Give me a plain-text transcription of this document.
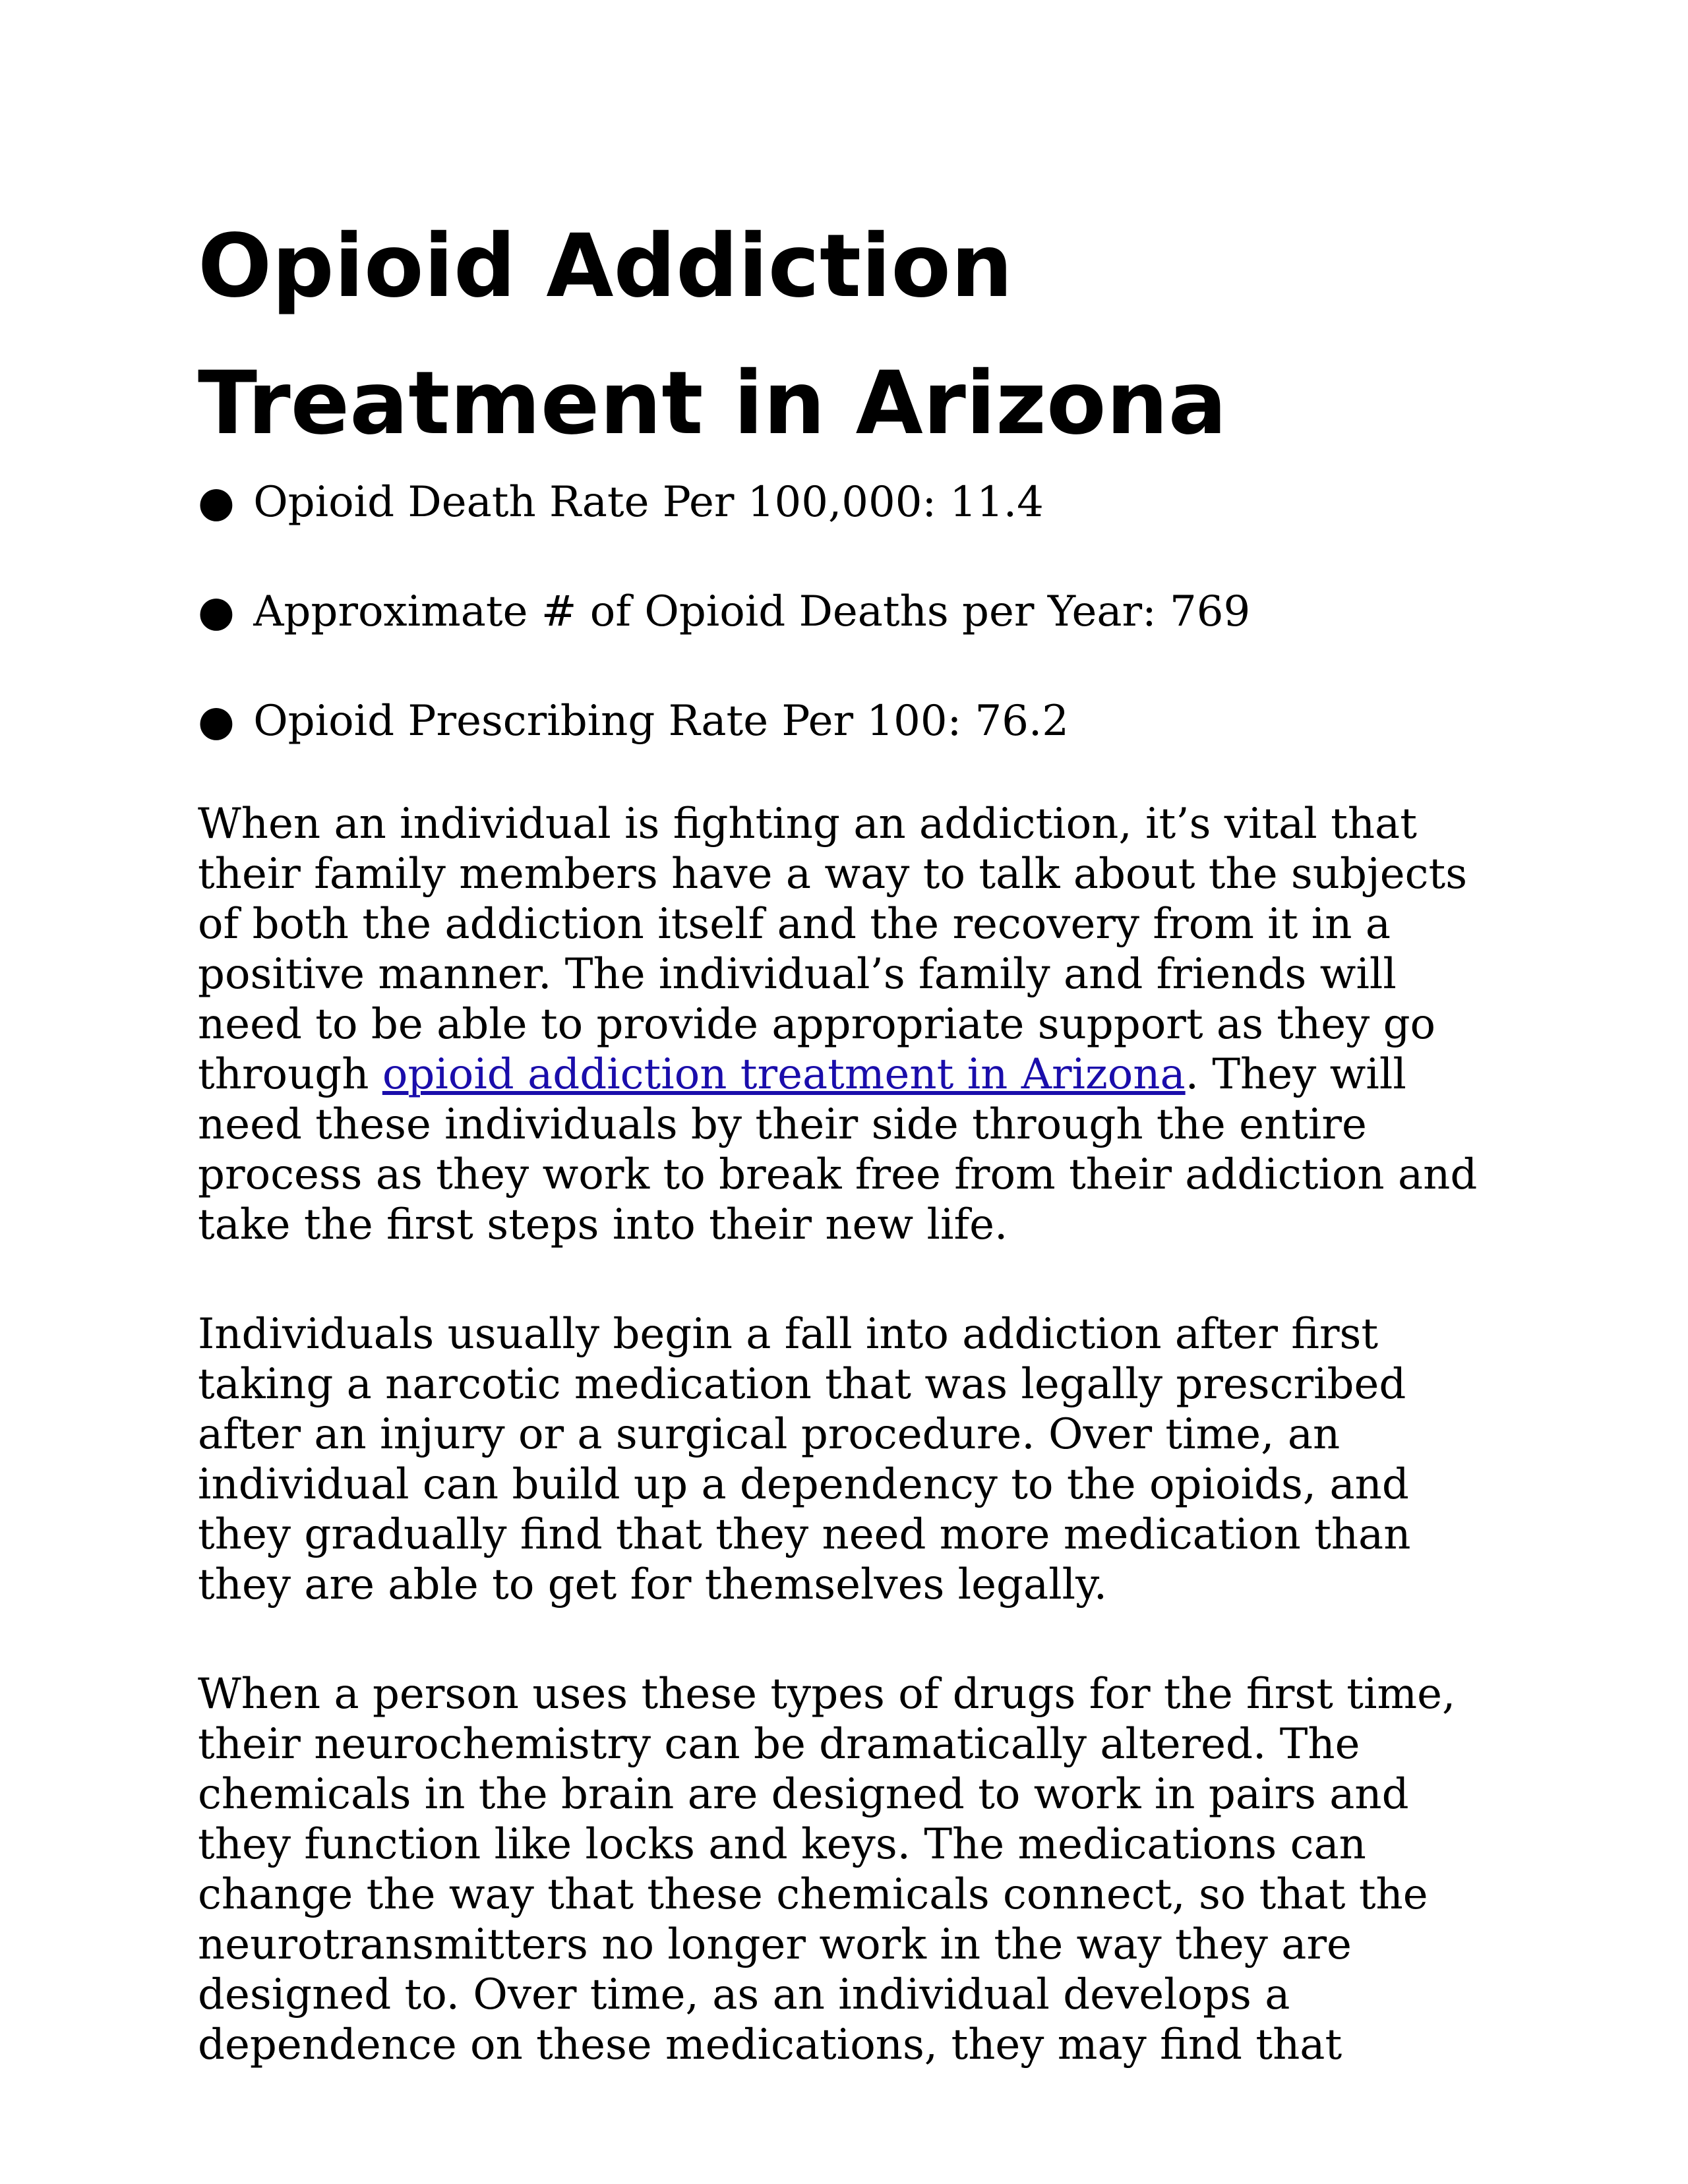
Opioid Addiction Treatment in Arizona
● Opioid Death Rate Per 100,000: 11.4
● Approximate # of Opioid Deaths per Year: 769
● Opioid Prescribing Rate Per 100: 76.2

When an individual is fighting an addiction, it’s vital that their family members have a way to talk about the subjects of both the addiction itself and the recovery from it in a positive manner. The individual’s family and friends will need to be able to provide appropriate support as they go through opioid addiction treatment in Arizona. They will need these individuals by their side through the entire process as they work to break free from their addiction and take the first steps into their new life.

Individuals usually begin a fall into addiction after first taking a narcotic medication that was legally prescribed after an injury or a surgical procedure. Over time, an individual can build up a dependency to the opioids, and they gradually find that they need more medication than they are able to get for themselves legally.

When a person uses these types of drugs for the first time, their neurochemistry can be dramatically altered. The chemicals in the brain are designed to work in pairs and they function like locks and keys. The medications can change the way that these chemicals connect, so that the neurotransmitters no longer work in the way they are designed to. Over time, as an individual develops a dependence on these medications, they may find that
